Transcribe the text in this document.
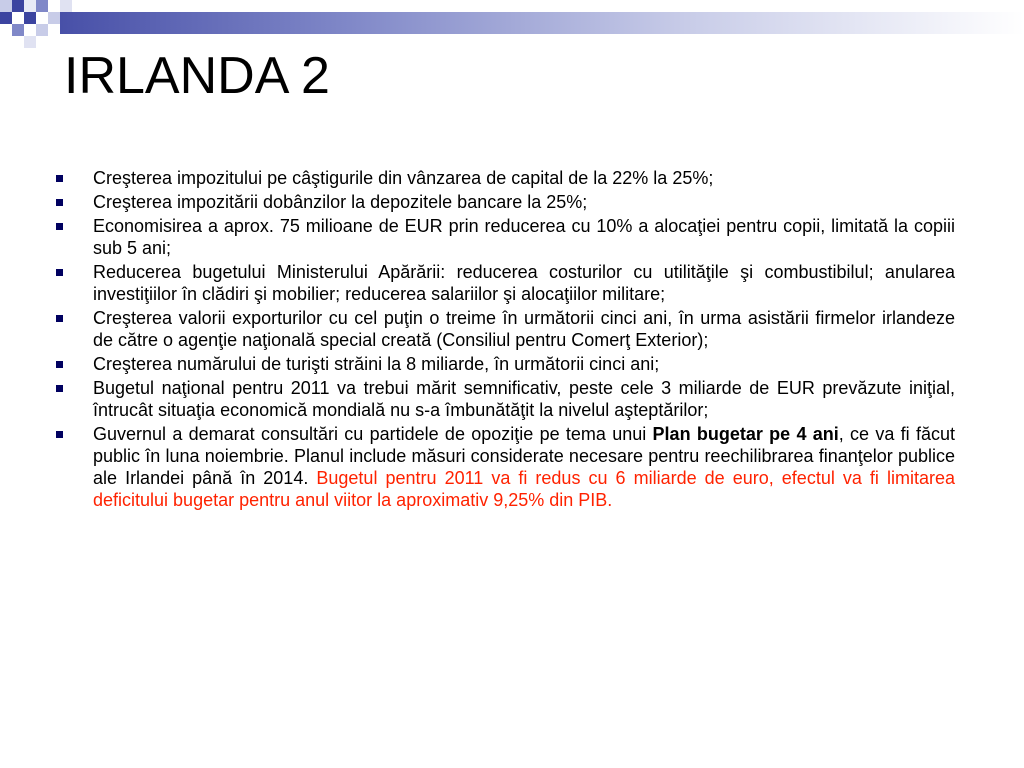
IRLANDA 2
Creşterea impozitului pe câştigurile din vânzarea de capital de la 22% la 25%;
Creşterea impozitării dobânzilor la depozitele bancare la 25%;
Economisirea a aprox. 75 milioane de EUR prin reducerea cu 10% a alocaţiei pentru copii, limitată la copiii sub 5 ani;
Reducerea bugetului Ministerului Apărării: reducerea costurilor cu utilităţile şi combustibilul; anularea investiţiilor în clădiri şi mobilier; reducerea salariilor şi alocaţiilor militare;
Creşterea valorii exporturilor cu cel puţin o treime în următorii cinci ani, în urma asistării firmelor irlandeze de către o agenţie naţională special creată (Consiliul pentru Comerţ Exterior);
Creşterea numărului de turişti străini la 8 miliarde, în următorii cinci ani;
Bugetul naţional pentru 2011 va trebui mărit semnificativ, peste cele 3 miliarde de EUR prevăzute iniţial, întrucât situaţia economică mondială nu s-a îmbunătăţit la nivelul aşteptărilor;
Guvernul a demarat consultări cu partidele de opoziţie pe tema unui Plan bugetar pe 4 ani, ce va fi făcut public în luna noiembrie. Planul include măsuri considerate necesare pentru reechilibrarea finanţelor publice ale Irlandei până în 2014. Bugetul pentru 2011 va fi redus cu 6 miliarde de euro, efectul va fi limitarea deficitului bugetar pentru anul viitor la aproximativ 9,25% din PIB.
